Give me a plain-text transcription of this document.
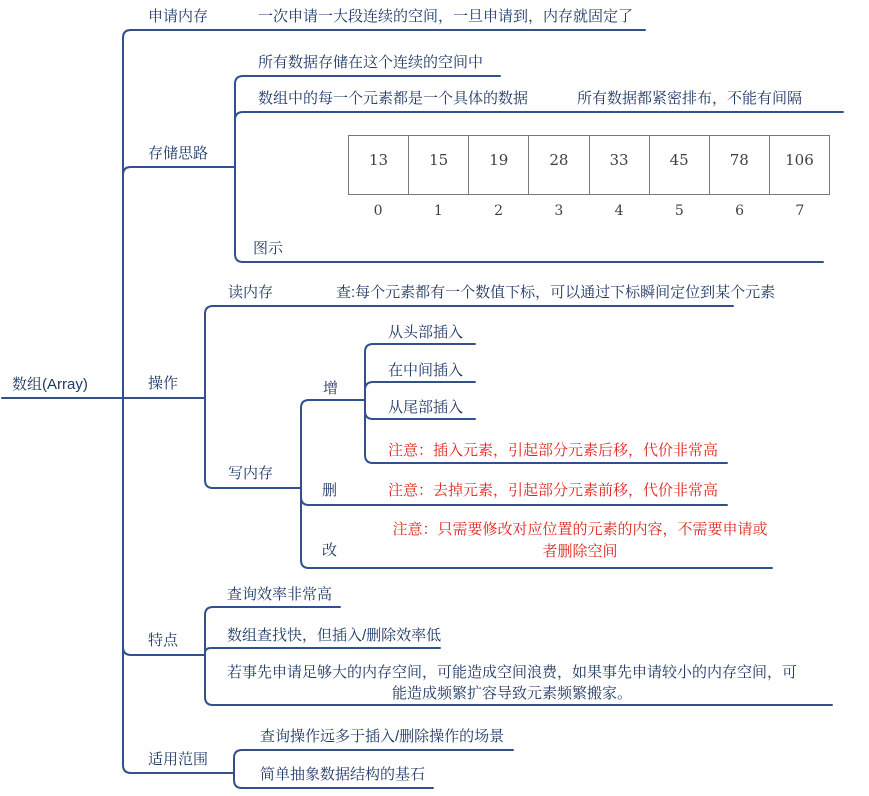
数组(Array)
申请内存	一次申请一大段连续的空间，一旦申请到，内存就固定了
存储思路
所有数据存储在这个连续的空间中
数组中的每一个元素都是一个具体的数据	所有数据都紧密排布，不能有间隔
图示
13	15	19	28	33	45	78	106
0	1	2	3	4	5	6	7
操作
读内存	查:每个元素都有一个数值下标，可以通过下标瞬间定位到某个元素
写内存
增
从头部插入
在中间插入
从尾部插入
注意：插入元素，引起部分元素后移，代价非常高
删	注意：去掉元素，引起部分元素前移，代价非常高
改
注意：只需要修改对应位置的元素的内容，不需要申请或者删除空间
特点
查询效率非常高
数组查找快，但插入/删除效率低
若事先申请足够大的内存空间，可能造成空间浪费，如果事先申请较小的内存空间，可能造成频繁扩容导致元素频繁搬家。
适用范围
查询操作远多于插入/删除操作的场景
简单抽象数据结构的基石
